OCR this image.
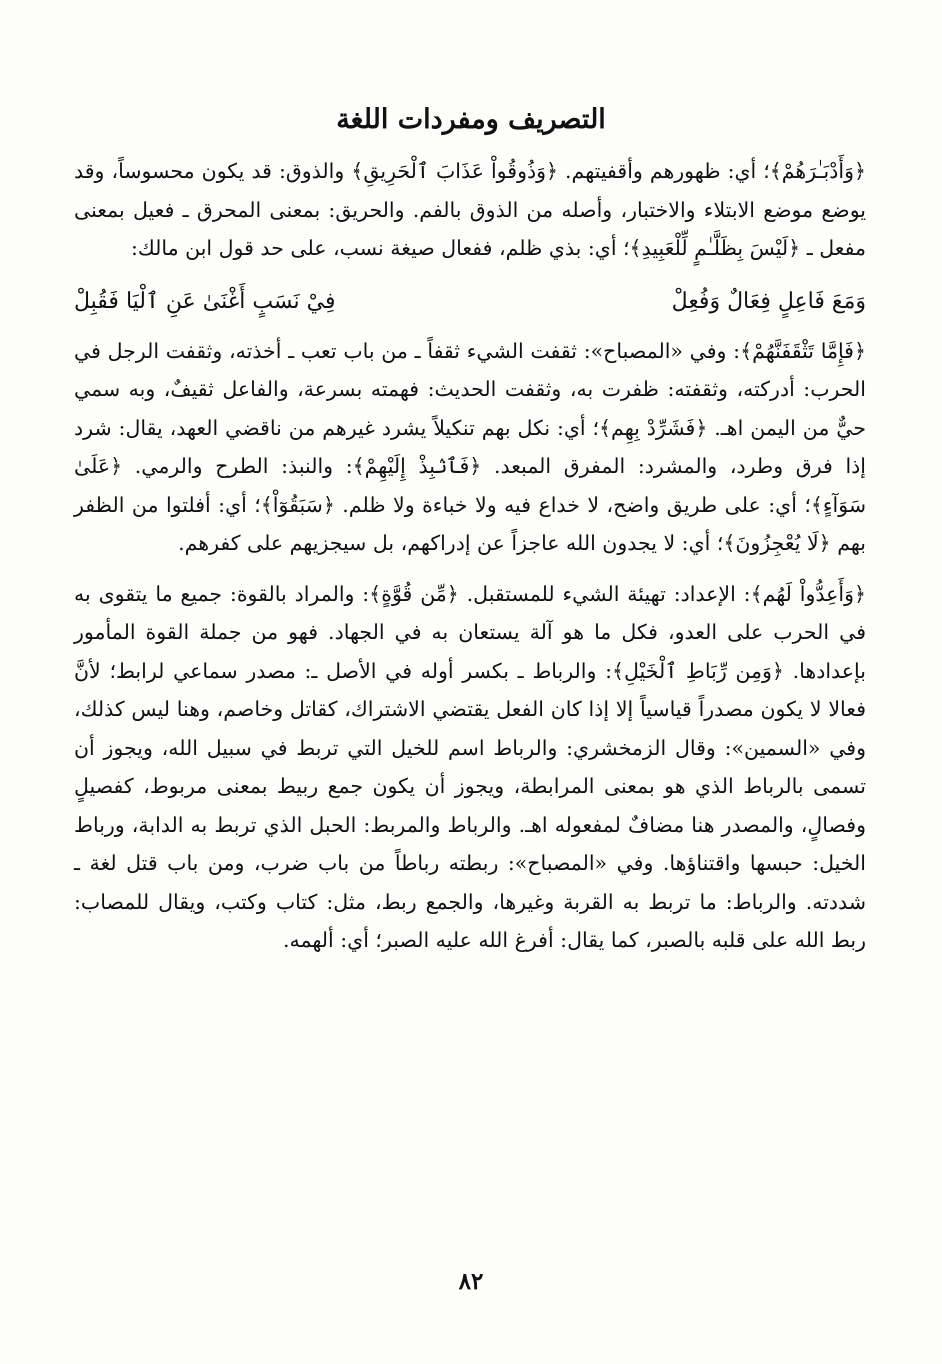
التصريف ومفردات اللغة

﴿وَأَدْبَـٰرَهُمْ﴾؛ أي: ظهورهم وأقفيتهم. ﴿وَذُوقُواْ عَذَابَ ٱلْحَرِيقِ﴾ والذوق: قد يكون محسوساً، وقد يوضع موضع الابتلاء والاختبار، وأصله من الذوق بالفم. والحريق: بمعنى المحرق ـ فعيل بمعنى مفعل ـ ﴿لَيْسَ بِظَلَّـٰمٍ لِّلْعَبِيدِ﴾؛ أي: بذي ظلم، ففعال صيغة نسب، على حد قول ابن مالك:

وَمَعَ فَاعِلٍ فِعَالٌ وَفُعِلْ
فِيْ نَسَبٍ أَغْنَىٰ عَنِ ٱلْيَا فَقُبِلْ

﴿فَإِمَّا تَثْقَفَنَّهُمْ﴾: وفي «المصباح»: ثقفت الشيء ثقفاً ـ من باب تعب ـ أخذته، وثقفت الرجل في الحرب: أدركته، وثقفته: ظفرت به، وثقفت الحديث: فهمته بسرعة، والفاعل ثقيفٌ، وبه سمي حيٌّ من اليمن اهـ. ﴿فَشَرِّدْ بِهِم﴾؛ أي: نكل بهم تنكيلاً يشرد غيرهم من ناقضي العهد، يقال: شرد إذا فرق وطرد، والمشرد: المفرق المبعد. ﴿فَٱنۢبِذْ إِلَيْهِمْ﴾: والنبذ: الطرح والرمي. ﴿عَلَىٰ سَوَآءٍ﴾؛ أي: على طريق واضح، لا خداع فيه ولا خباءة ولا ظلم. ﴿سَبَقُوٓاْ﴾؛ أي: أفلتوا من الظفر بهم ﴿لَا يُعْجِزُونَ﴾؛ أي: لا يجدون الله عاجزاً عن إدراكهم، بل سيجزيهم على كفرهم.

﴿وَأَعِدُّواْ لَهُم﴾: الإعداد: تهيئة الشيء للمستقبل. ﴿مِّن قُوَّةٍ﴾: والمراد بالقوة: جميع ما يتقوى به في الحرب على العدو، فكل ما هو آلة يستعان به في الجهاد. فهو من جملة القوة المأمور بإعدادها. ﴿وَمِن رِّبَاطِ ٱلْخَيْلِ﴾: والرباط ـ بكسر أوله في الأصل ـ: مصدر سماعي لرابط؛ لأنَّ فعالا لا يكون مصدراً قياسياً إلا إذا كان الفعل يقتضي الاشتراك، كقاتل وخاصم، وهنا ليس كذلك، وفي «السمين»: وقال الزمخشري: والرباط اسم للخيل التي تربط في سبيل الله، ويجوز أن تسمى بالرباط الذي هو بمعنى المرابطة، ويجوز أن يكون جمع ربيط بمعنى مربوط، كفصيلٍ وفصالٍ، والمصدر هنا مضافٌ لمفعوله اهـ. والرباط والمربط: الحبل الذي تربط به الدابة، ورباط الخيل: حبسها واقتناؤها. وفي «المصباح»: ربطته رباطاً من باب ضرب، ومن باب قتل لغة ـ شددته. والرباط: ما تربط به القربة وغيرها، والجمع ربط، مثل: كتاب وكتب، ويقال للمصاب: ربط الله على قلبه بالصبر، كما يقال: أفرغ الله عليه الصبر؛ أي: ألهمه.

٨٢
